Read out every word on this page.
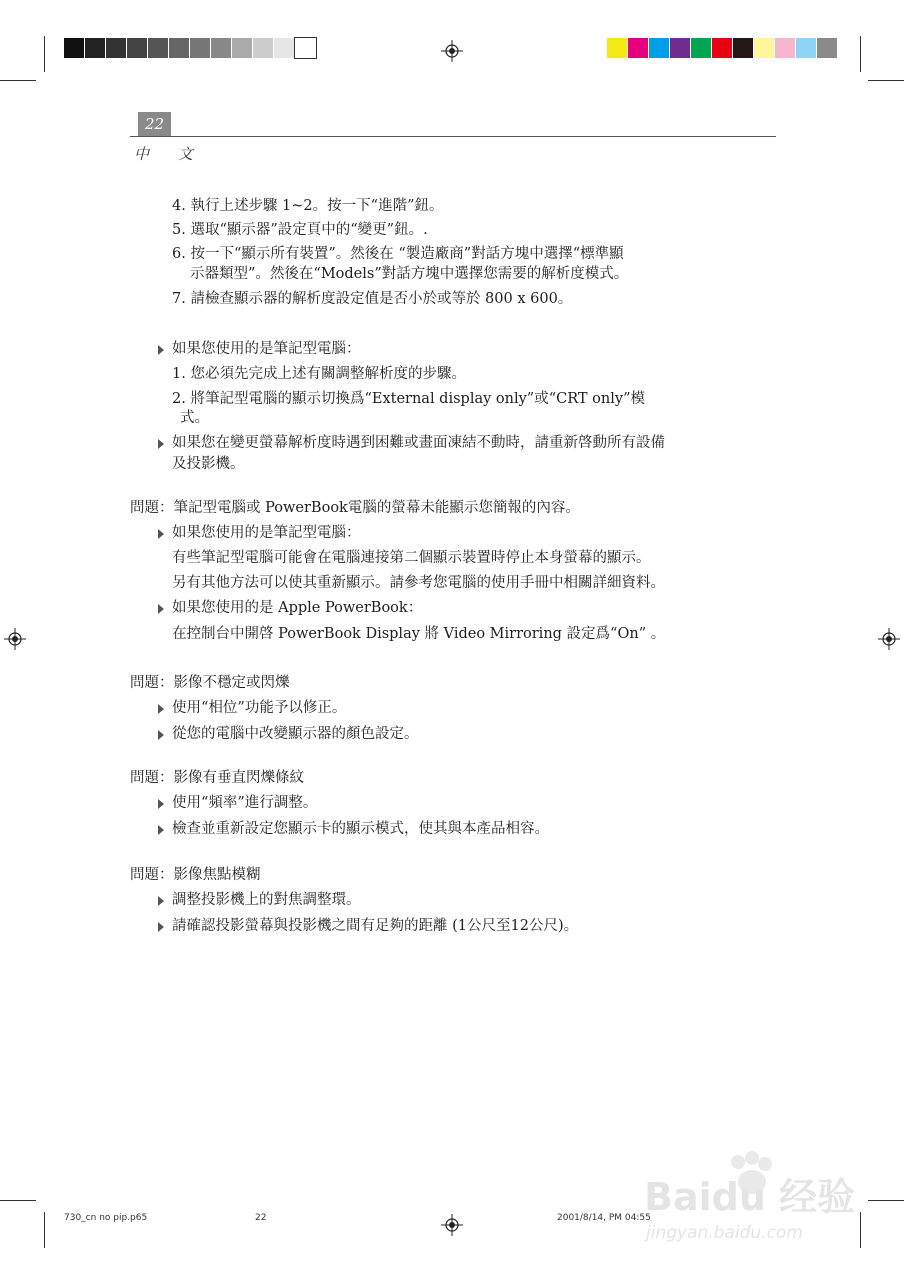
22
中 文
4. 執行上述步驟 1~2。按一下“進階”鈕。
5. 選取“顯示器”設定頁中的“變更”鈕。.
6. 按一下“顯示所有裝置”。然後在 “製造廠商”對話方塊中選擇“標準顯
示器類型”。然後在“Models”對話方塊中選擇您需要的解析度模式。
7. 請檢查顯示器的解析度設定值是否小於或等於 800 x 600。
如果您使用的是筆記型電腦：
1. 您必須先完成上述有關調整解析度的步驟。
2. 將筆記型電腦的顯示切換爲“External display only”或“CRT only”模
式。
如果您在變更螢幕解析度時遇到困難或畫面凍結不動時，請重新啓動所有設備
及投影機。
問題：筆記型電腦或 PowerBook電腦的螢幕未能顯示您簡報的內容。
如果您使用的是筆記型電腦：
有些筆記型電腦可能會在電腦連接第二個顯示裝置時停止本身螢幕的顯示。
另有其他方法可以使其重新顯示。請參考您電腦的使用手冊中相關詳細資料。
如果您使用的是 Apple PowerBook：
在控制台中開啓 PowerBook Display 將 Video Mirroring 設定爲“On” 。
問題：影像不穩定或閃爍
使用“相位”功能予以修正。
從您的電腦中改變顯示器的顏色設定。
問題：影像有垂直閃爍條紋
使用“頻率”進行調整。
檢查並重新設定您顯示卡的顯示模式，使其與本產品相容。
問題：影像焦點模糊
調整投影機上的對焦調整環。
請確認投影螢幕與投影機之間有足夠的距離 (1公尺至12公尺)。
730_cn no pip.p65	22	2001/8/14, PM 04:55
Baidu 经验
jingyan.baidu.com
